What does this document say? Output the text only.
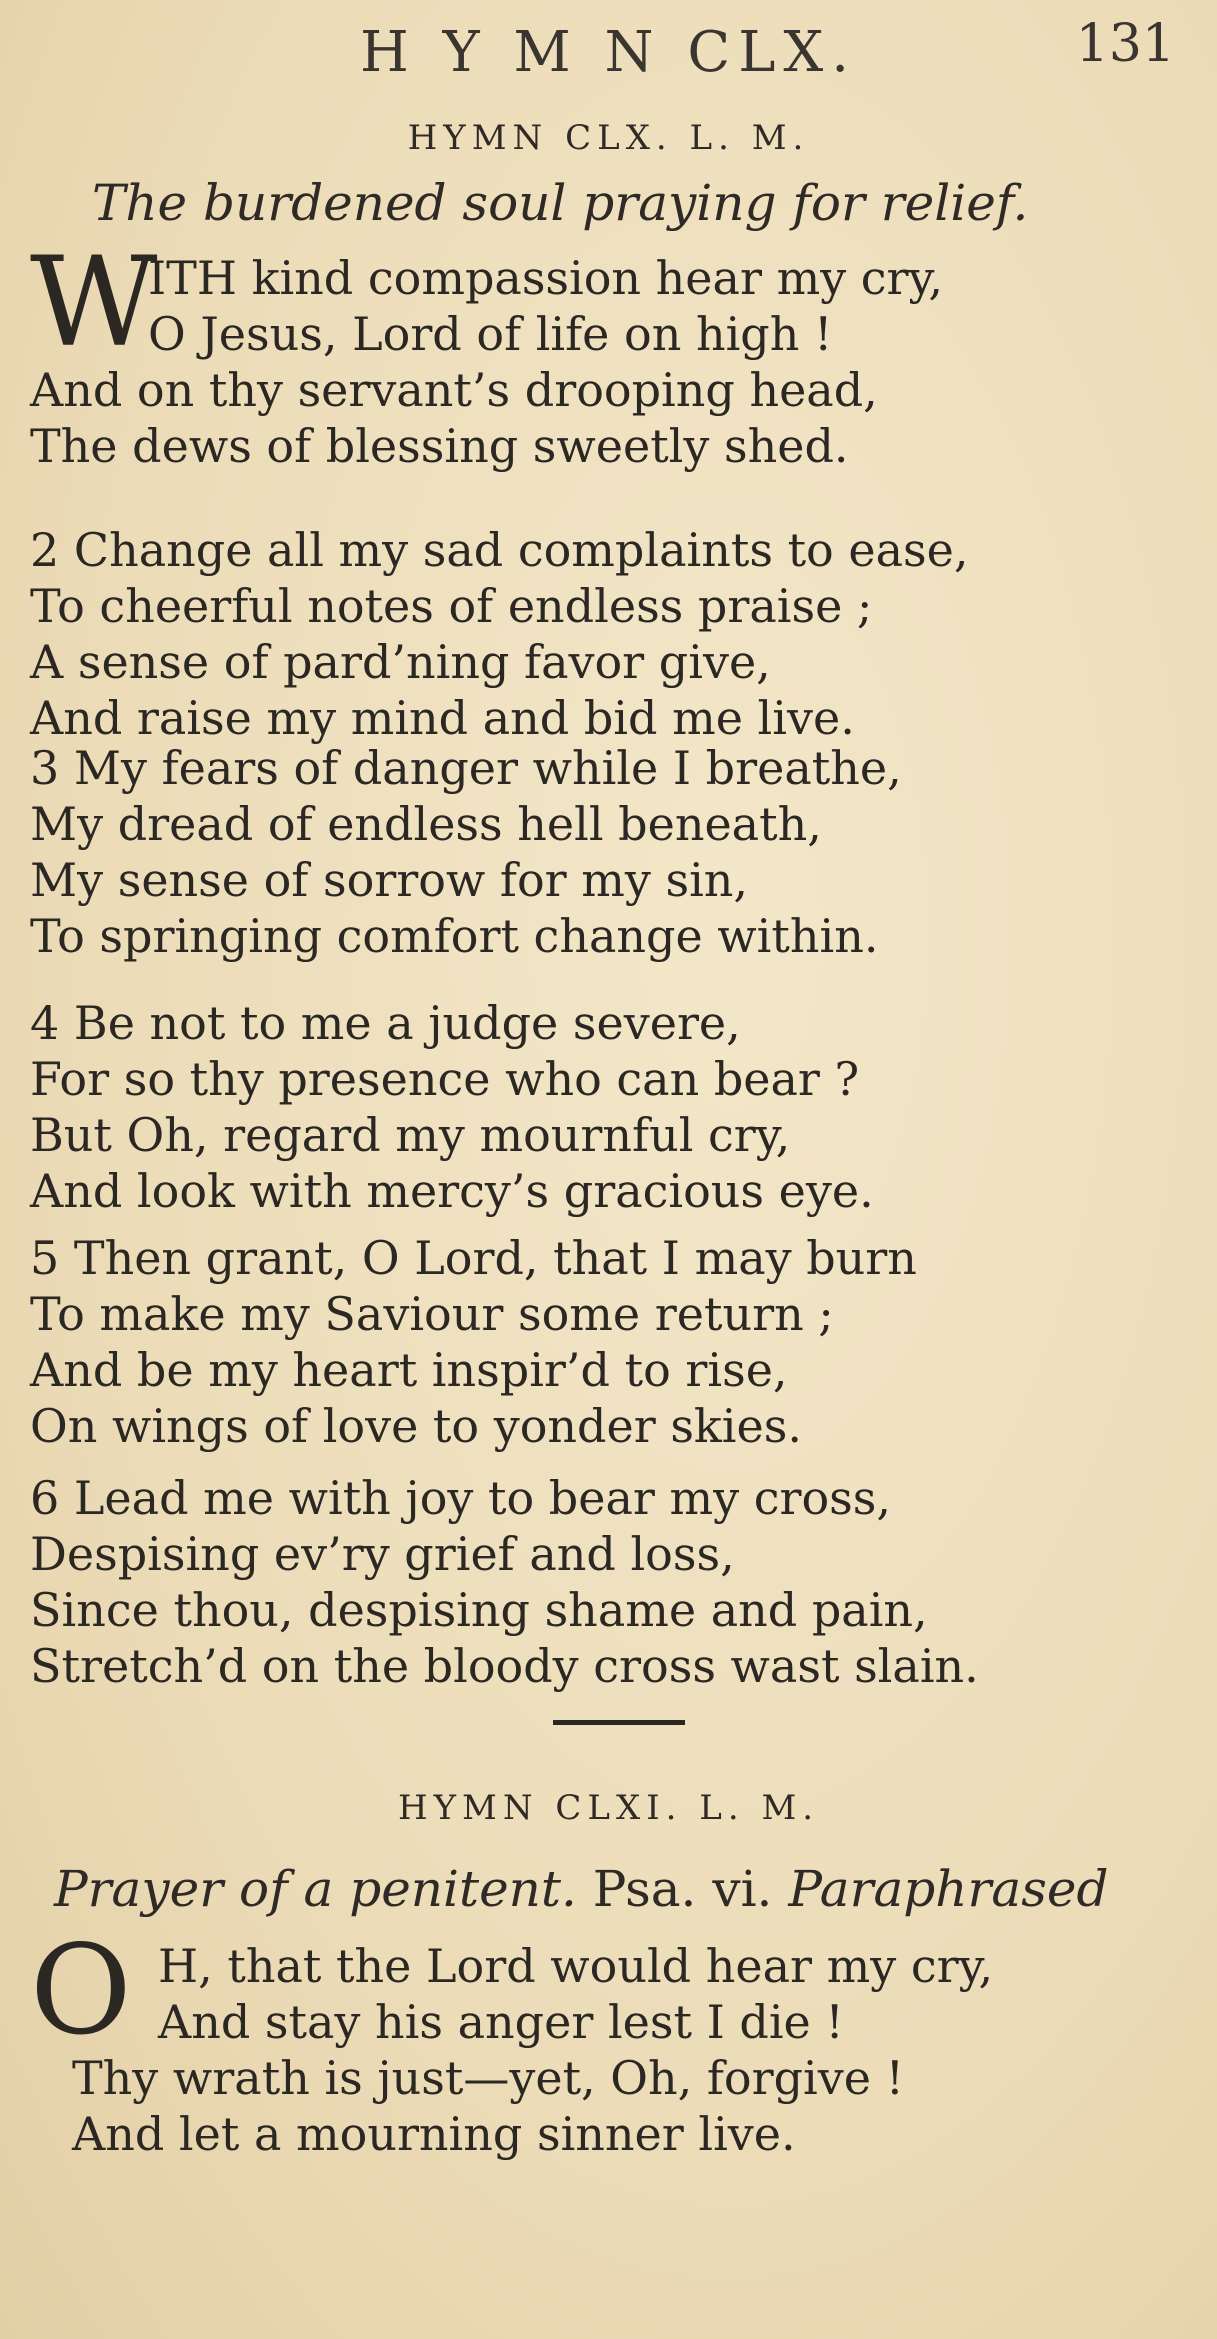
H Y M N CLX.	131
HYMN CLX. L. M.
The burdened soul praying for relief.
W
ITH kind compassion hear my cry,
O Jesus, Lord of life on high !
And on thy servant’s drooping head,
The dews of blessing sweetly shed.
2 Change all my sad complaints to ease,
To cheerful notes of endless praise ;
A sense of pard’ning favor give,
And raise my mind and bid me live.
3 My fears of danger while I breathe,
My dread of endless hell beneath,
My sense of sorrow for my sin,
To springing comfort change within.
4 Be not to me a judge severe,
For so thy presence who can bear ?
But Oh, regard my mournful cry,
And look with mercy’s gracious eye.
5 Then grant, O Lord, that I may burn
To make my Saviour some return ;
And be my heart inspir’d to rise,
On wings of love to yonder skies.
6 Lead me with joy to bear my cross,
Despising ev’ry grief and loss,
Since thou, despising shame and pain,
Stretch’d on the bloody cross wast slain.
HYMN CLXI. L. M.
Prayer of a penitent. Psa. vi. Paraphrased
O H, that the Lord would hear my cry,
And stay his anger lest I die !
Thy wrath is just—yet, Oh, forgive !
And let a mourning sinner live.
